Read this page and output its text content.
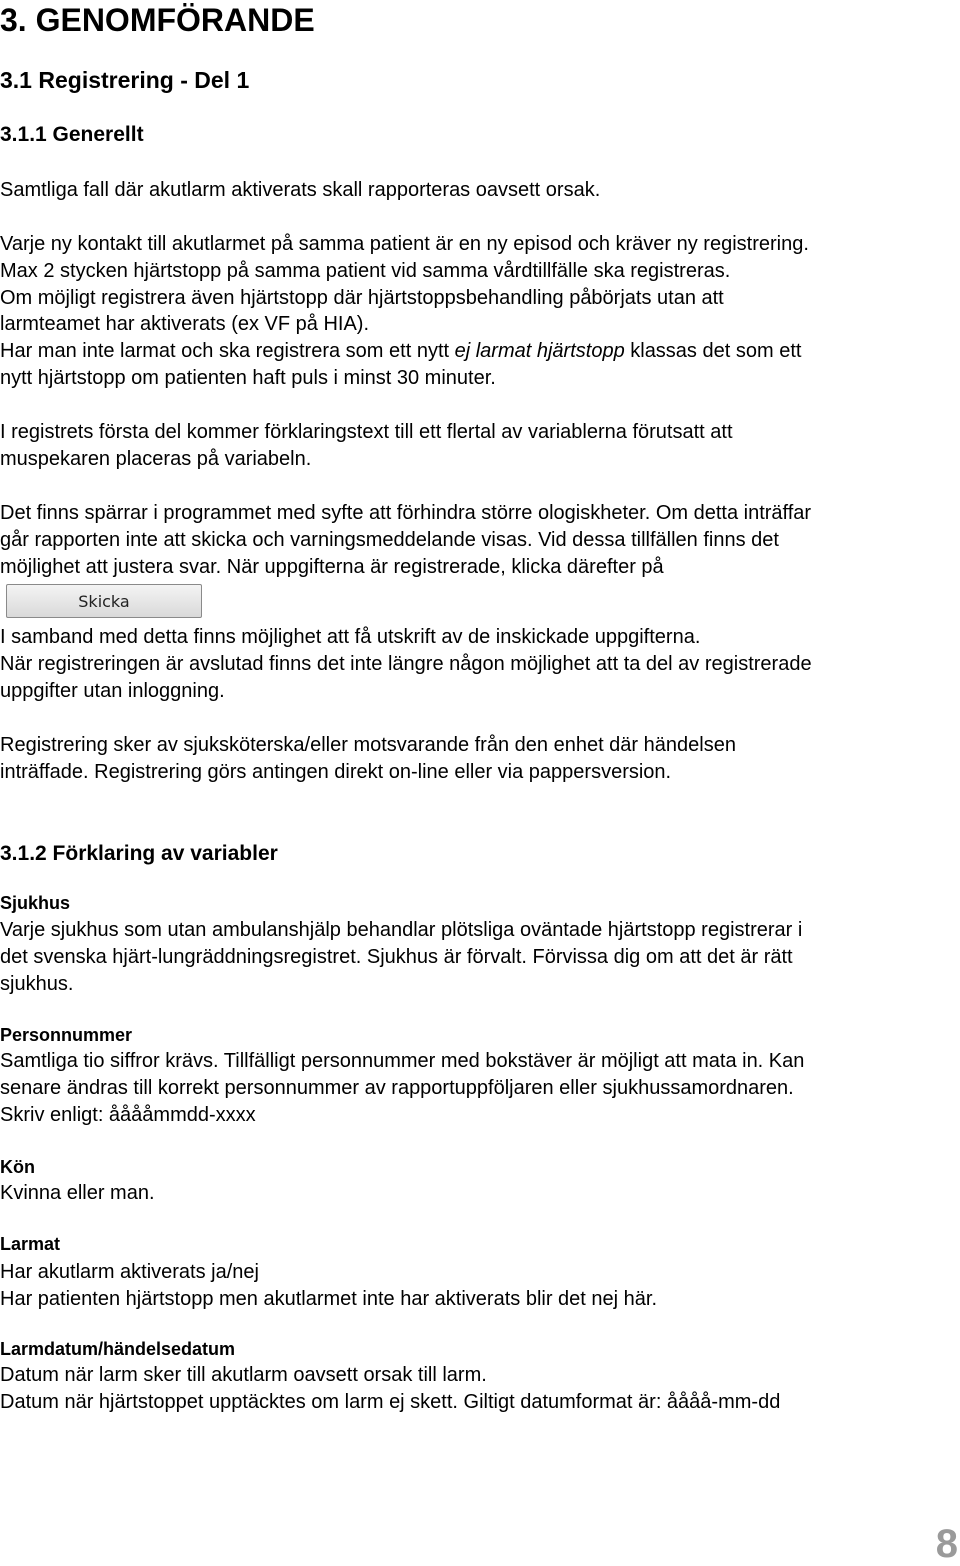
3. GENOMFÖRANDE
3.1 Registrering - Del 1
3.1.1 Generellt

Samtliga fall där akutlarm aktiverats skall rapporteras oavsett orsak.

Varje ny kontakt till akutlarmet på samma patient är en ny episod och kräver ny registrering.
Max 2 stycken hjärtstopp på samma patient vid samma vårdtillfälle ska registreras.
Om möjligt registrera även hjärtstopp där hjärtstoppsbehandling påbörjats utan att
larmteamet har aktiverats (ex VF på HIA).

Har man inte larmat och ska registrera som ett nytt ej larmat hjärtstopp klassas det som ett
nytt hjärtstopp om patienten haft puls i minst 30 minuter.

I registrets första del kommer förklaringstext till ett flertal av variablerna förutsatt att
muspekaren placeras på variabeln.

Det finns spärrar i programmet med syfte att förhindra större ologiskheter. Om detta inträffar
går rapporten inte att skicka och varningsmeddelande visas. Vid dessa tillfällen finns det
möjlighet att justera svar. När uppgifterna är registrerade, klicka därefter på

Skicka

I samband med detta finns möjlighet att få utskrift av de inskickade uppgifterna.
När registreringen är avslutad finns det inte längre någon möjlighet att ta del av registrerade
uppgifter utan inloggning.

Registrering sker av sjuksköterska/eller motsvarande från den enhet där händelsen
inträffade. Registrering görs antingen direkt on-line eller via pappersversion.

3.1.2 Förklaring av variabler
Sjukhus

Varje sjukhus som utan ambulanshjälp behandlar plötsliga oväntade hjärtstopp registrerar i
det svenska hjärt-lungräddningsregistret. Sjukhus är förvalt. Förvissa dig om att det är rätt
sjukhus.

Personnummer

Samtliga tio siffror krävs. Tillfälligt personnummer med bokstäver är möjligt att mata in. Kan
senare ändras till korrekt personnummer av rapportuppföljaren eller sjukhussamordnaren.
Skriv enligt: ååååmmdd-xxxx

Kön

Kvinna eller man.

Larmat

Har akutlarm aktiverats ja/nej
Har patienten hjärtstopp men akutlarmet inte har aktiverats blir det nej här.

Larmdatum/händelsedatum

Datum när larm sker till akutlarm oavsett orsak till larm.
Datum när hjärtstoppet upptäcktes om larm ej skett. Giltigt datumformat är: åååå-mm-dd

8
